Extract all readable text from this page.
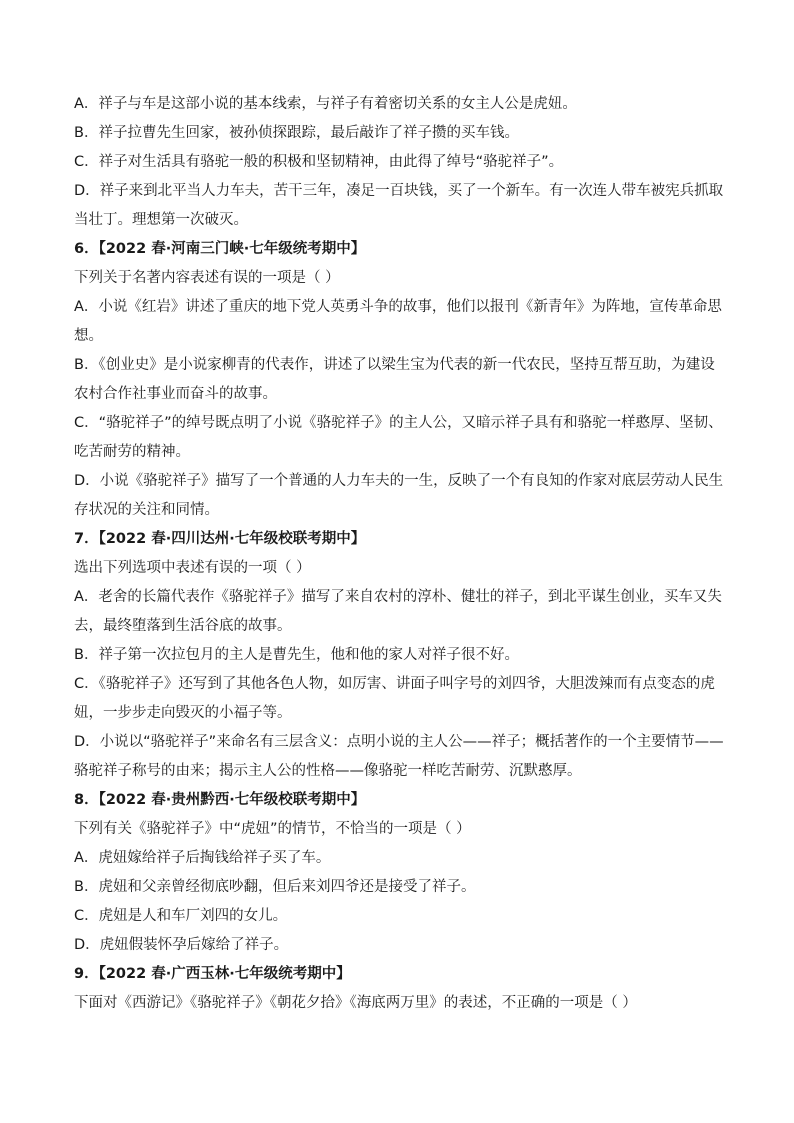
A．祥子与车是这部小说的基本线索，与祥子有着密切关系的女主人公是虎妞。
B．祥子拉曹先生回家，被孙侦探跟踪，最后敲诈了祥子攒的买车钱。
C．祥子对生活具有骆驼一般的积极和坚韧精神，由此得了绰号“骆驼祥子”。
D．祥子来到北平当人力车夫，苦干三年，凑足一百块钱，买了一个新车。有一次连人带车被宪兵抓取
当壮丁。理想第一次破灭。
6．【2022 春·河南三门峡·七年级统考期中】
下列关于名著内容表述有误的一项是（ ）
A．小说《红岩》讲述了重庆的地下党人英勇斗争的故事，他们以报刊《新青年》为阵地，宣传革命思
想。
B．《创业史》是小说家柳青的代表作，讲述了以梁生宝为代表的新一代农民，坚持互帮互助，为建设
农村合作社事业而奋斗的故事。
C．“骆驼祥子”的绰号既点明了小说《骆驼祥子》的主人公，又暗示祥子具有和骆驼一样憨厚、坚韧、
吃苦耐劳的精神。
D．小说《骆驼祥子》描写了一个普通的人力车夫的一生，反映了一个有良知的作家对底层劳动人民生
存状况的关注和同情。
7．【2022 春·四川达州·七年级校联考期中】
选出下列选项中表述有误的一项（ ）
A．老舍的长篇代表作《骆驼祥子》描写了来自农村的淳朴、健壮的祥子，到北平谋生创业，买车又失
去，最终堕落到生活谷底的故事。
B．祥子第一次拉包月的主人是曹先生，他和他的家人对祥子很不好。
C．《骆驼祥子》还写到了其他各色人物，如厉害、讲面子叫字号的刘四爷，大胆泼辣而有点变态的虎
妞，一步步走向毁灭的小福子等。
D．小说以“骆驼祥子”来命名有三层含义：点明小说的主人公——祥子；概括著作的一个主要情节——
骆驼祥子称号的由来；揭示主人公的性格——像骆驼一样吃苦耐劳、沉默憨厚。
8．【2022 春·贵州黔西·七年级校联考期中】
下列有关《骆驼祥子》中“虎妞”的情节，不恰当的一项是（ ）
A．虎妞嫁给祥子后掏钱给祥子买了车。
B．虎妞和父亲曾经彻底吵翻，但后来刘四爷还是接受了祥子。
C．虎妞是人和车厂刘四的女儿。
D．虎妞假装怀孕后嫁给了祥子。
9．【2022 春·广西玉林·七年级统考期中】
下面对《西游记》《骆驼祥子》《朝花夕拾》《海底两万里》的表述，不正确的一项是（ ）
